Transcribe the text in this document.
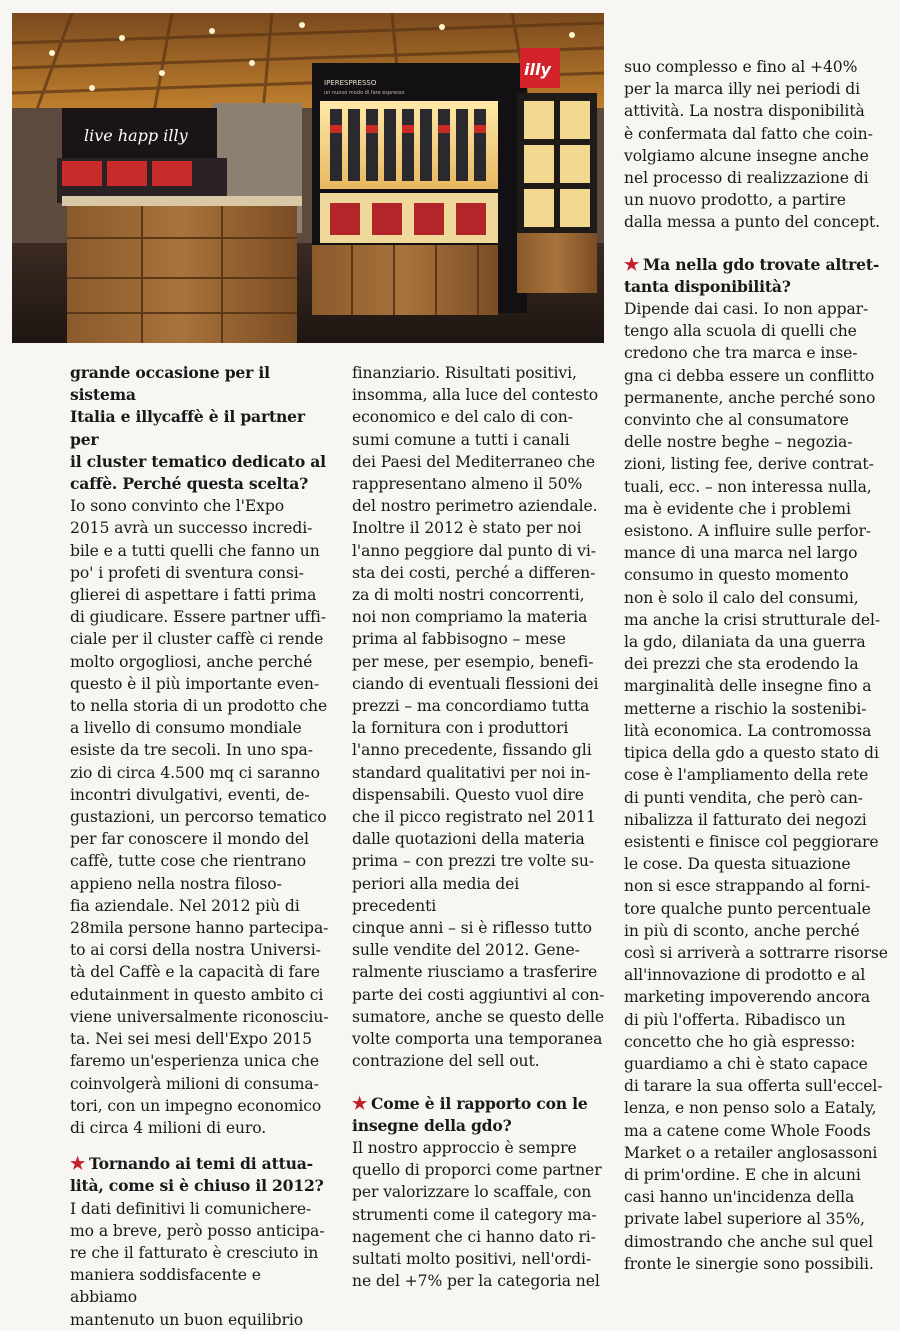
live happ illy
illy
IPERESPRESSO
un nuovo modo di fare espresso

grande occasione per il sistema

Italia e illycaffè è il partner per

il cluster tematico dedicato al

caffè. Perché questa scelta?

Io sono convinto che l'Expo

2015 avrà un successo incredi-

bile e a tutti quelli che fanno un

po' i profeti di sventura consi-

glierei di aspettare i fatti prima

di giudicare. Essere partner uffi-

ciale per il cluster caffè ci rende

molto orgogliosi, anche perché

questo è il più importante even-

to nella storia di un prodotto che

a livello di consumo mondiale

esiste da tre secoli. In uno spa-

zio di circa 4.500 mq ci saranno

incontri divulgativi, eventi, de-

gustazioni, un percorso tematico

per far conoscere il mondo del

caffè, tutte cose che rientrano

appieno nella nostra filoso-

fia aziendale. Nel 2012 più di

28mila persone hanno partecipa-

to ai corsi della nostra Universi-

tà del Caffè e la capacità di fare

edutainment in questo ambito ci

viene universalmente riconosciu-

ta. Nei sei mesi dell'Expo 2015

faremo un'esperienza unica che

coinvolgerà milioni di consuma-

tori, con un impegno economico

di circa 4 milioni di euro.

★ Tornando ai temi di attua-

lità, come si è chiuso il 2012?

I dati definitivi li comunichere-

mo a breve, però posso anticipa-

re che il fatturato è cresciuto in

maniera soddisfacente e abbiamo

mantenuto un buon equilibrio

finanziario. Risultati positivi,

insomma, alla luce del contesto

economico e del calo di con-

sumi comune a tutti i canali

dei Paesi del Mediterraneo che

rappresentano almeno il 50%

del nostro perimetro aziendale.

Inoltre il 2012 è stato per noi

l'anno peggiore dal punto di vi-

sta dei costi, perché a differen-

za di molti nostri concorrenti,

noi non compriamo la materia

prima al fabbisogno – mese

per mese, per esempio, benefi-

ciando di eventuali flessioni dei

prezzi – ma concordiamo tutta

la fornitura con i produttori

l'anno precedente, fissando gli

standard qualitativi per noi in-

dispensabili. Questo vuol dire

che il picco registrato nel 2011

dalle quotazioni della materia

prima – con prezzi tre volte su-

periori alla media dei precedenti

cinque anni – si è riflesso tutto

sulle vendite del 2012. Gene-

ralmente riusciamo a trasferire

parte dei costi aggiuntivi al con-

sumatore, anche se questo delle

volte comporta una temporanea

contrazione del sell out.

★ Come è il rapporto con le

insegne della gdo?

Il nostro approccio è sempre

quello di proporci come partner

per valorizzare lo scaffale, con

strumenti come il category ma-

nagement che ci hanno dato ri-

sultati molto positivi, nell'ordi-

ne del +7% per la categoria nel

suo complesso e fino al +40%

per la marca illy nei periodi di

attività. La nostra disponibilità

è confermata dal fatto che coin-

volgiamo alcune insegne anche

nel processo di realizzazione di

un nuovo prodotto, a partire

dalla messa a punto del concept.

★ Ma nella gdo trovate altret-

tanta disponibilità?

Dipende dai casi. Io non appar-

tengo alla scuola di quelli che

credono che tra marca e inse-

gna ci debba essere un conflitto

permanente, anche perché sono

convinto che al consumatore

delle nostre beghe – negozia-

zioni, listing fee, derive contrat-

tuali, ecc. – non interessa nulla,

ma è evidente che i problemi

esistono. A influire sulle perfor-

mance di una marca nel largo

consumo in questo momento

non è solo il calo del consumi,

ma anche la crisi strutturale del-

la gdo, dilaniata da una guerra

dei prezzi che sta erodendo la

marginalità delle insegne fino a

metterne a rischio la sostenibi-

lità economica. La contromossa

tipica della gdo a questo stato di

cose è l'ampliamento della rete

di punti vendita, che però can-

nibalizza il fatturato dei negozi

esistenti e finisce col peggiorare

le cose. Da questa situazione

non si esce strappando al forni-

tore qualche punto percentuale

in più di sconto, anche perché

così si arriverà a sottrarre risorse

all'innovazione di prodotto e al

marketing impoverendo ancora

di più l'offerta. Ribadisco un

concetto che ho già espresso:

guardiamo a chi è stato capace

di tarare la sua offerta sull'eccel-

lenza, e non penso solo a Eataly,

ma a catene come Whole Foods

Market o a retailer anglosassoni

di prim'ordine. E che in alcuni

casi hanno un'incidenza della

private label superiore al 35%,

dimostrando che anche sul quel

fronte le sinergie sono possibili.
